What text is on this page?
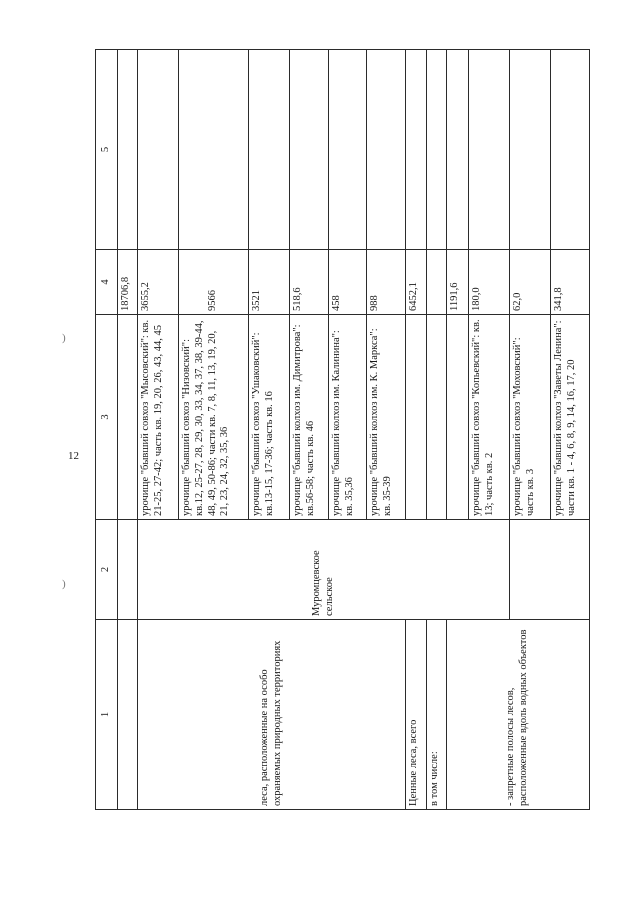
12
)
)
1	2	3	4	5
			18706,8	
леса, расположенные на особо охраняемых природных территориях	Муромцевское сельское	урочище "бывший совхоз "Мысовский": кв. 21-25, 27-42; часть кв. 19, 20, 26, 43, 44, 45	3655,2	
		урочище "бывший совхоз "Низовский": кв.12, 25-27, 28, 29, 30, 33, 34, 37, 38, 39-44, 48, 49, 50-86; части кв. 7, 8, 11, 13, 19, 20, 21, 23, 24, 32, 35, 36	9566	
		урочище "бывший совхоз "Ушаковский": кв.13-15, 17-36; часть кв. 16	3521	
		урочище "бывший колхоз им. Димитрова": кв.56-58; часть кв. 46	518,6	
		урочище "бывший колхоз им. Калинина": кв. 35,36	458	
		урочище "бывший колхоз им. К. Маркса": кв. 35-39	988	
Ценные леса, всего			6452,1	
в том числе:				
- запретные полосы лесов, расположенные вдоль водных объектов			1191,6	
		урочище "бывший совхоз "Копьевский": кв. 13; часть кв. 2	180,0	
		урочище "бывший совхоз "Моховский": часть кв. 3	62,0	
		урочище "бывший колхоз "Заветы Ленина": части кв. 1 - 4, 6, 8, 9, 14, 16, 17, 20	341,8	
